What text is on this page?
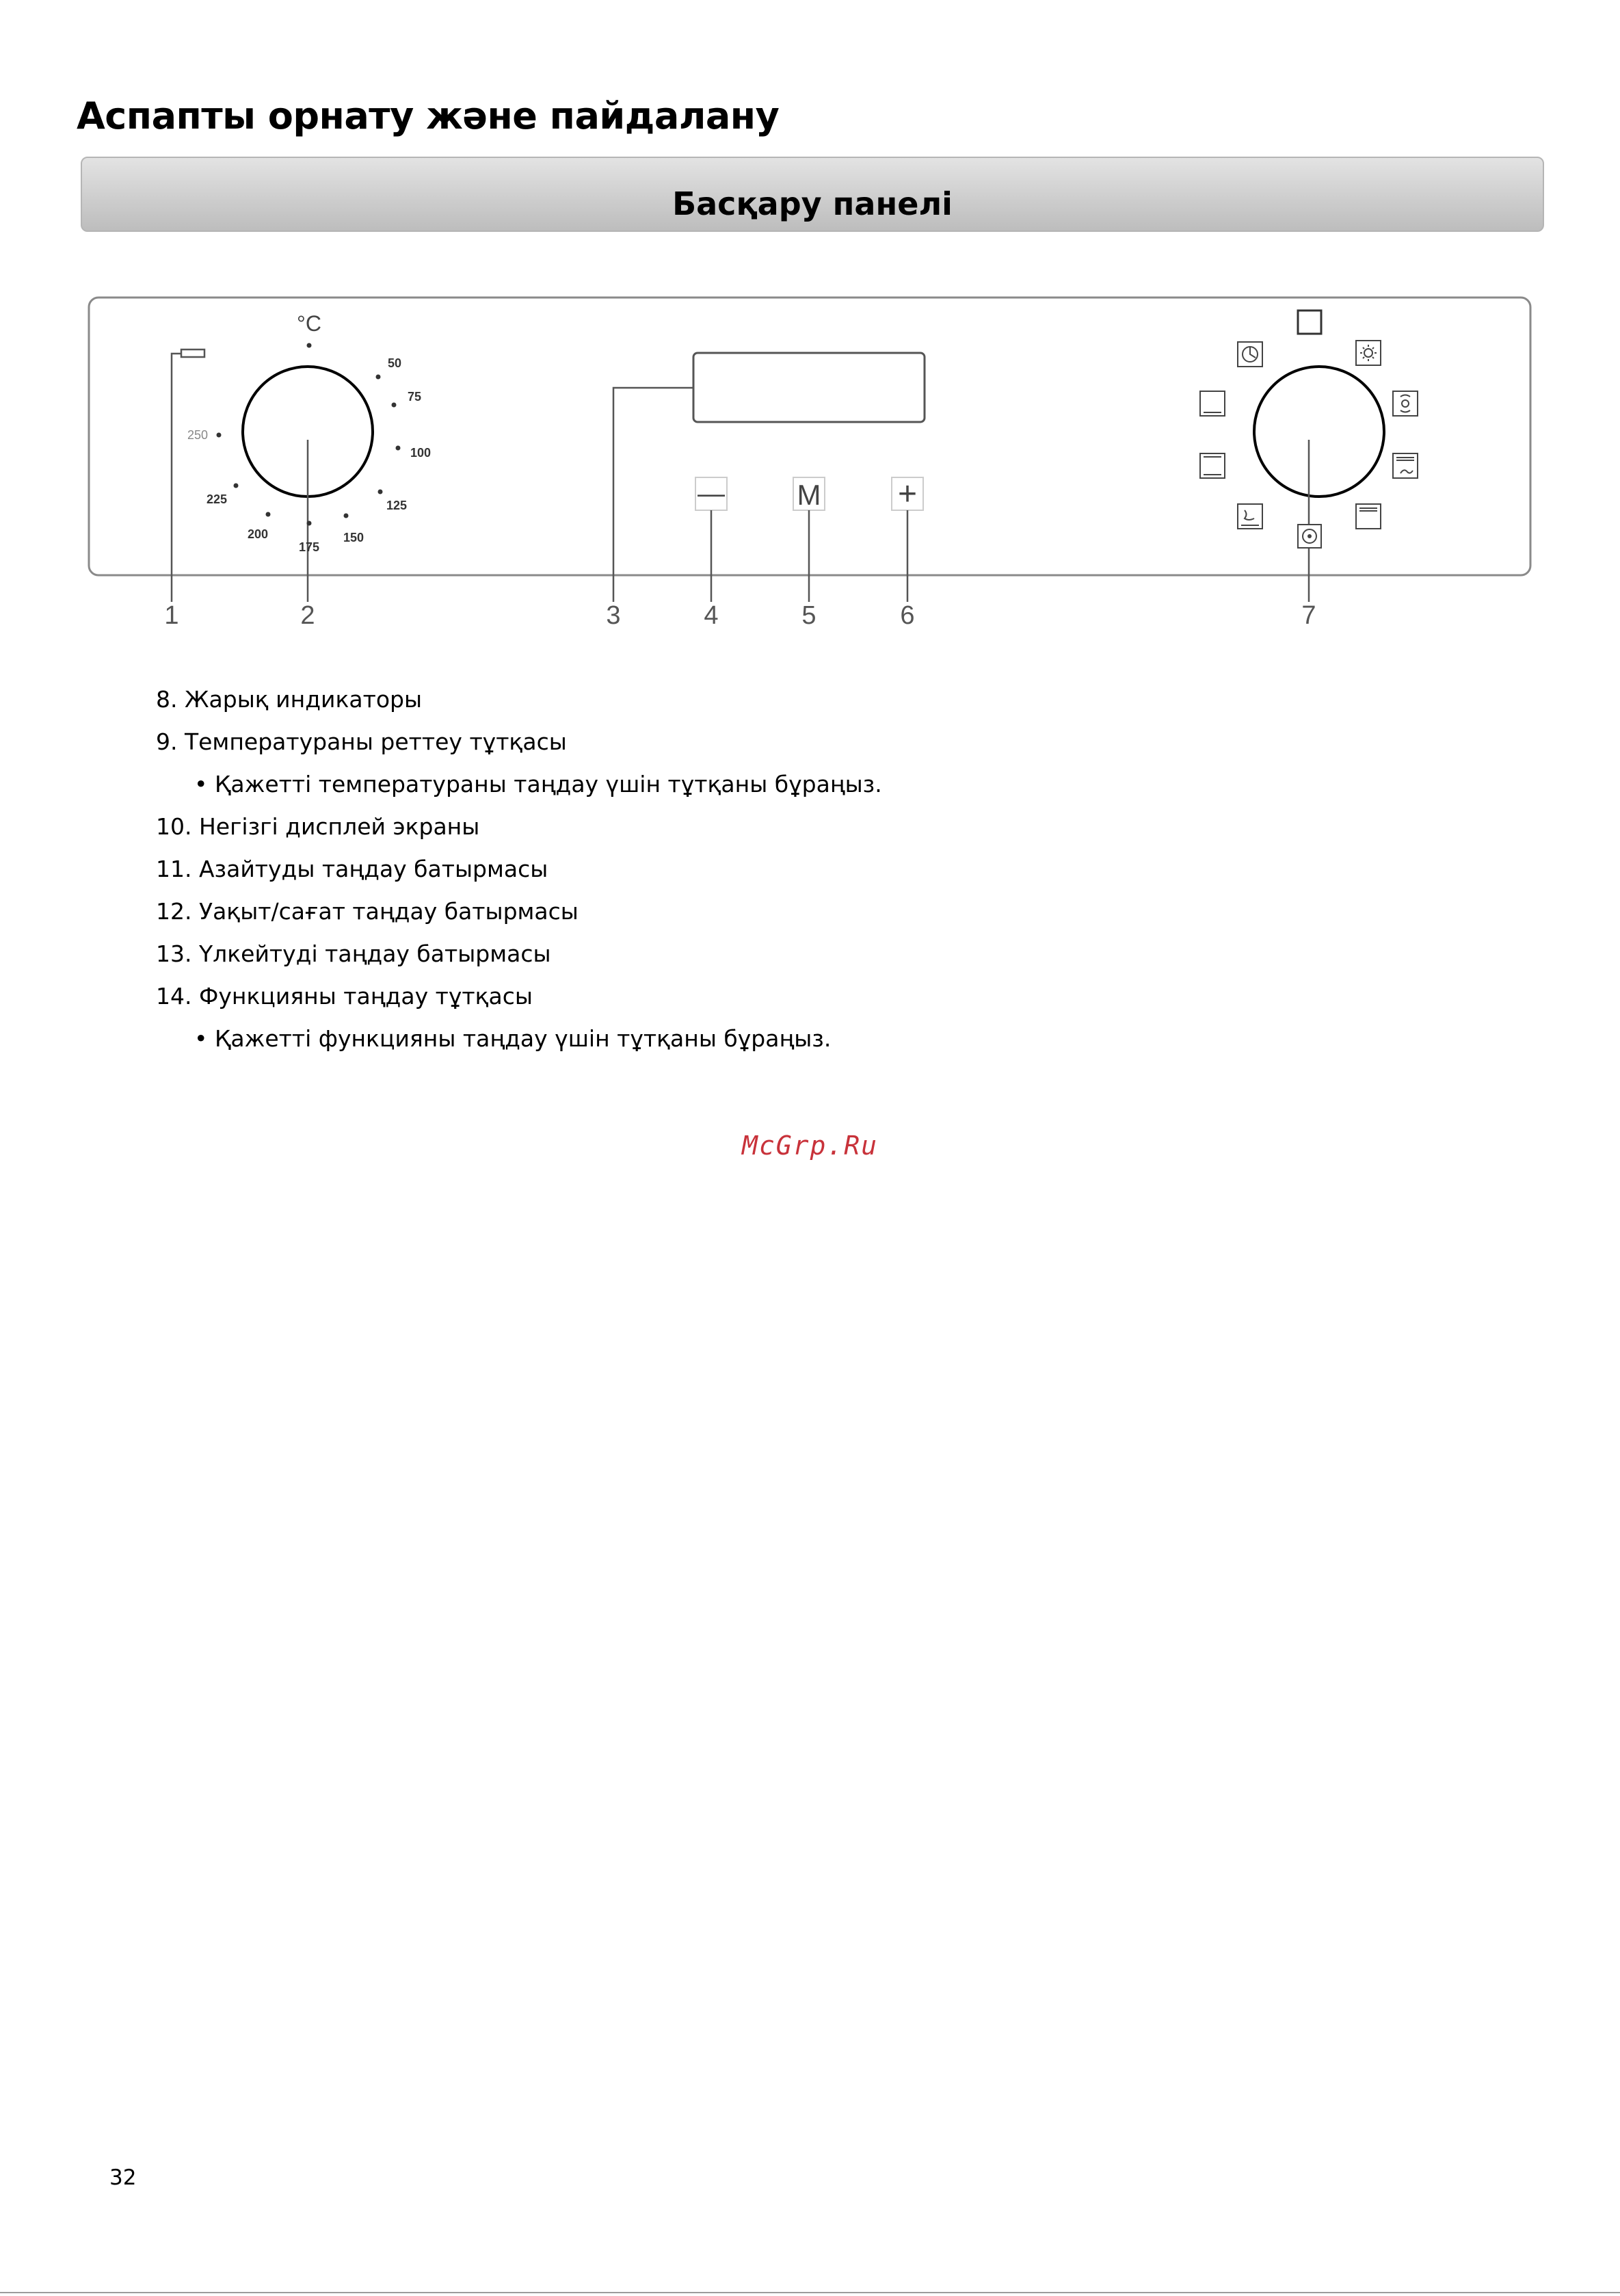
Аспапты орнату және пайдалану
Басқару панелі
°C
50
75
100
125
150
175
200
225
250
—	M +
1	2	3	4	5	6	7
8. Жарық индикаторы
9. Температураны реттеу тұтқасы
• Қажетті температураны таңдау үшін тұтқаны бұраңыз.
10. Негізгі дисплей экраны
11. Азайтуды таңдау батырмасы
12. Уақыт/сағат таңдау батырмасы
13. Үлкейтуді таңдау батырмасы
14. Функцияны таңдау тұтқасы
• Қажетті функцияны таңдау үшін тұтқаны бұраңыз.
McGrp.Ru
32
